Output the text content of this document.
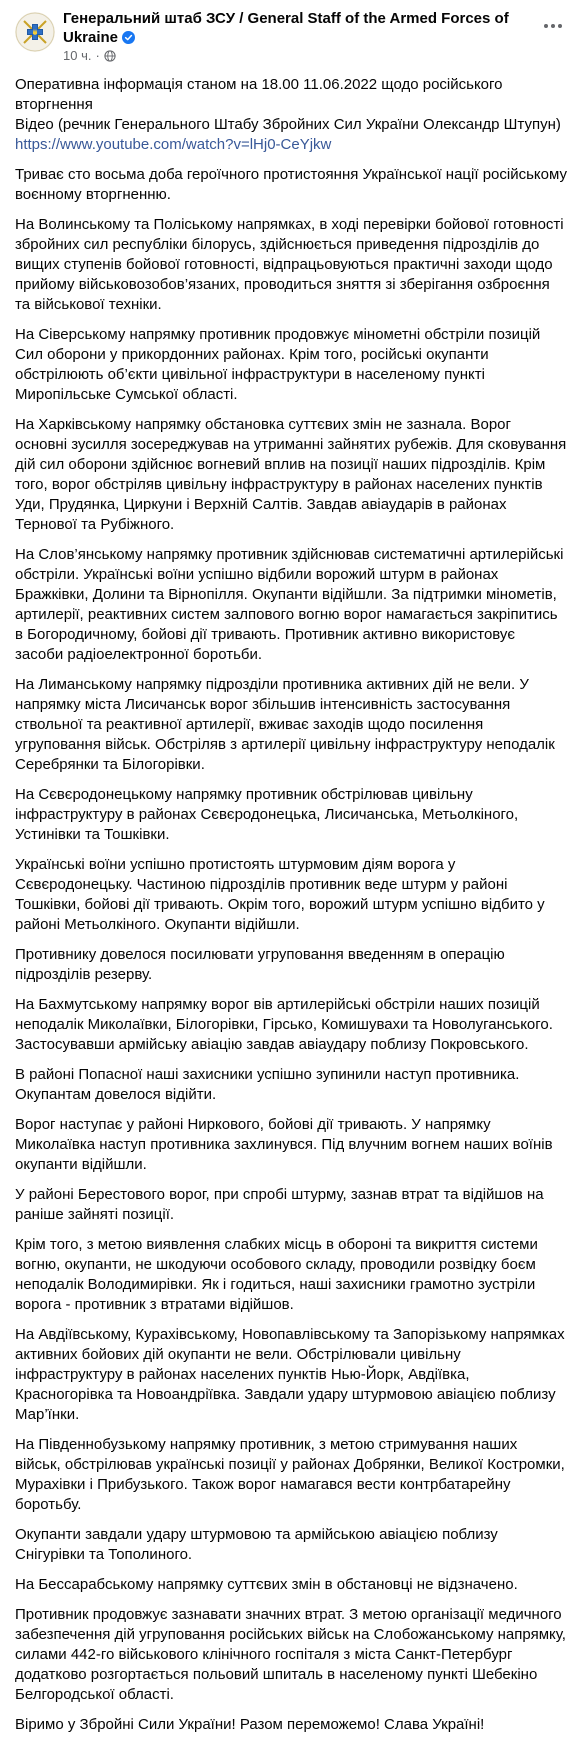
Генеральний штаб ЗСУ / General Staff of the Armed Forces of Ukraine
10 ч. ·

Оперативна інформація станом на 18.00 11.06.2022 щодо російського вторгнення
Відео (речник Генерального Штабу Збройних Сил України Олександр Штупун)
https://www.youtube.com/watch?v=lHj0-CeYjkw

Триває сто восьма доба героїчного протистояння Української нації російському воєнному вторгненню.

На Волинському та Поліському напрямках, в ході перевірки бойової готовності збройних сил республіки білорусь, здійснюється приведення підрозділів до вищих ступенів бойової готовності, відпрацьовуються практичні заходи щодо прийому військовозобов’язаних, проводиться зняття зі зберігання озброєння та військової техніки.

На Сіверському напрямку противник продовжує мінометні обстріли позицій Сил оборони у прикордонних районах. Крім того, російські окупанти обстрілюють об’єкти цивільної інфраструктури в населеному пункті Миропільське Сумської області.

На Харківському напрямку обстановка суттєвих змін не зазнала. Ворог основні зусилля зосереджував на утриманні зайнятих рубежів. Для сковування дій сил оборони здійснює вогневий вплив на позиції наших підрозділів. Крім того, ворог обстріляв цивільну інфраструктуру в районах населених пунктів Уди, Прудянка, Циркуни і Верхній Салтів. Завдав авіаударів в районах Тернової та Рубіжного.

На Слов’янському напрямку противник здійснював систематичні артилерійські обстріли. Українські воїни успішно відбили ворожий штурм в районах Бражківки, Долини та Вірнопілля. Окупанти відійшли. За підтримки мінометів, артилерії, реактивних систем залпового вогню ворог намагається закріпитись в Богородичному, бойові дії тривають. Противник активно використовує засоби радіоелектронної боротьби.

На Лиманському напрямку підрозділи противника активних дій не вели. У напрямку міста Лисичанськ ворог збільшив інтенсивність застосування ствольної та реактивної артилерії, вживає заходів щодо посилення угруповання військ. Обстріляв з артилерії цивільну інфраструктуру неподалік Серебрянки та Білогорівки.

На Сєвєродонецькому напрямку противник обстрілював цивільну інфраструктуру в районах Сєвєродонецька, Лисичанська, Метьолкіного, Устинівки та Тошківки.

Українські воїни успішно протистоять штурмовим діям ворога у Сєвєродонецьку. Частиною підрозділів противник веде штурм у районі Тошківки, бойові дії тривають. Окрім того, ворожий штурм успішно відбито у районі Метьолкіного. Окупанти відійшли.

Противнику довелося посилювати угруповання введенням в операцію підрозділів резерву.

На Бахмутському напрямку ворог вів артилерійські обстріли наших позицій неподалік Миколаївки, Білогорівки, Гірсько, Комишувахи та Новолуганського. Застосувавши армійську авіацію завдав авіаудару поблизу Покровського.

В районі Попасної наші захисники успішно зупинили наступ противника. Окупантам довелося відійти.

Ворог наступає у районі Ниркового, бойові дії тривають. У напрямку Миколаївка наступ противника захлинувся. Під влучним вогнем наших воїнів окупанти відійшли.

У районі Берестового ворог, при спробі штурму, зазнав втрат та відійшов на раніше зайняті позиції.

Крім того, з метою виявлення слабких місць в обороні та викриття системи вогню, окупанти, не шкодуючи особового складу, проводили розвідку боєм неподалік Володимирівки. Як і годиться, наші захисники грамотно зустріли ворога - противник з втратами відійшов.

На Авдіївському, Курахівському, Новопавлівському та Запорізькому напрямках активних бойових дій окупанти не вели. Обстрілювали цивільну інфраструктуру в районах населених пунктів Нью-Йорк, Авдіївка, Красногорівка та Новоандріївка. Завдали удару штурмовою авіацією поблизу Мар’їнки.

На Південнобузькому напрямку противник, з метою стримування наших військ, обстрілював українські позиції у районах Добрянки, Великої Костромки, Мурахівки і Прибузького. Також ворог намагався вести контрбатарейну боротьбу.

Окупанти завдали удару штурмовою та армійською авіацією поблизу Снігурівки та Тополиного.

На Бессарабському напрямку суттєвих змін в обстановці не відзначено.

Противник продовжує зазнавати значних втрат. З метою організації медичного забезпечення дій угруповання російських військ на Слобожанському напрямку, силами 442-го військового клінічного госпіталя з міста Санкт-Петербург додатково розгортається польовий шпиталь в населеному пункті Шебекіно Белгородської області.

Віримо у Збройні Сили України! Разом переможемо! Слава Україні!
